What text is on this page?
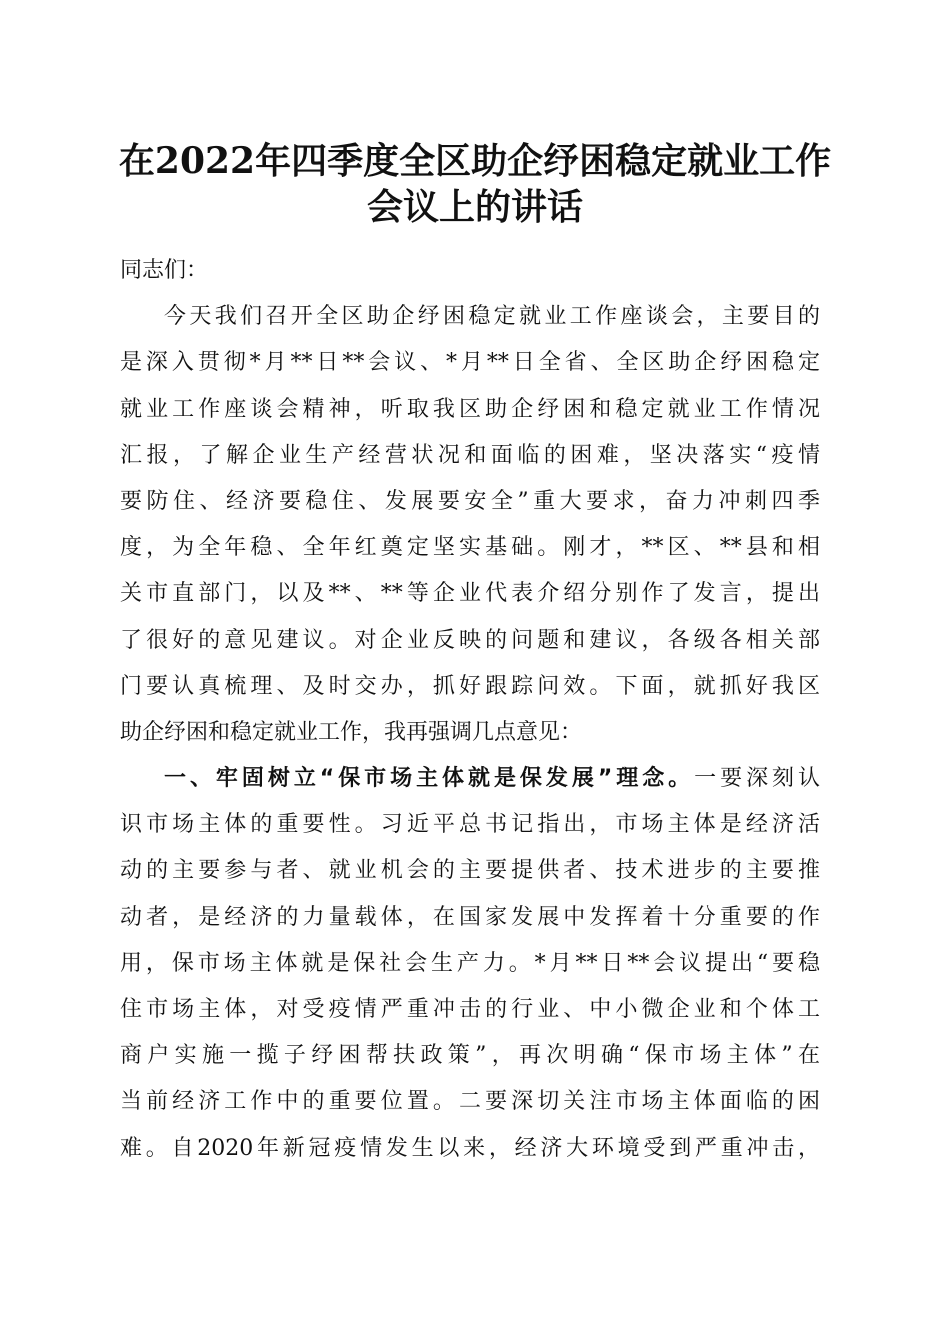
在2022年四季度全区助企纾困稳定就业工作
会议上的讲话
同志们：
今天我们召开全区助企纾困稳定就业工作座谈会，主要目的
是深入贯彻*月**日**会议、*月**日全省、全区助企纾困稳定
就业工作座谈会精神，听取我区助企纾困和稳定就业工作情况
汇报，了解企业生产经营状况和面临的困难，坚决落实“疫情
要防住、经济要稳住、发展要安全”重大要求，奋力冲刺四季
度，为全年稳、全年红奠定坚实基础。刚才，**区、**县和相
关市直部门，以及**、**等企业代表介绍分别作了发言，提出
了很好的意见建议。对企业反映的问题和建议，各级各相关部
门要认真梳理、及时交办，抓好跟踪问效。下面，就抓好我区
助企纾困和稳定就业工作，我再强调几点意见：
一、牢固树立“保市场主体就是保发展”理念。一要深刻认
识市场主体的重要性。习近平总书记指出，市场主体是经济活
动的主要参与者、就业机会的主要提供者、技术进步的主要推
动者，是经济的力量载体，在国家发展中发挥着十分重要的作
用，保市场主体就是保社会生产力。*月**日**会议提出“要稳
住市场主体，对受疫情严重冲击的行业、中小微企业和个体工
商户实施一揽子纾困帮扶政策”，再次明确“保市场主体”在
当前经济工作中的重要位置。二要深切关注市场主体面临的困
难。自2020年新冠疫情发生以来，经济大环境受到严重冲击，
